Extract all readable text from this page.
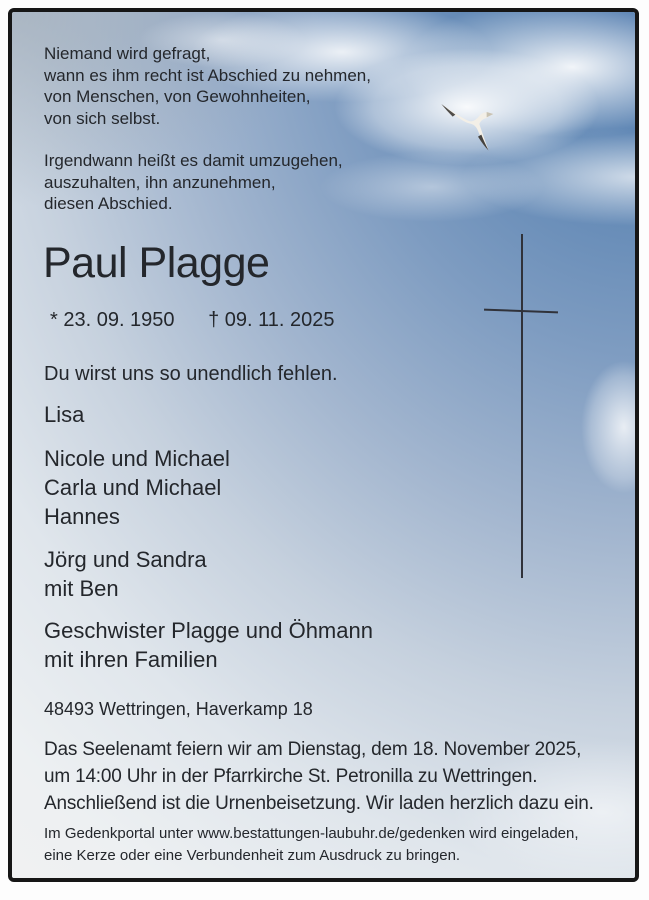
Niemand wird gefragt,
wann es ihm recht ist Abschied zu nehmen,
von Menschen, von Gewohnheiten,
von sich selbst.
Irgendwann heißt es damit umzugehen,
auszuhalten, ihn anzunehmen,
diesen Abschied.
Paul Plagge
* 23. 09. 1950 † 09. 11. 2025

Du wirst uns so unendlich fehlen.

Lisa
Nicole und Michael
Carla und Michael
Hannes
Jörg und Sandra
mit Ben
Geschwister Plagge und Öhmann
mit ihren Familien

48493 Wettringen, Haverkamp 18

Das Seelenamt feiern wir am Dienstag, dem 18. November 2025,
um 14:00 Uhr in der Pfarrkirche St. Petronilla zu Wettringen.
Anschließend ist die Urnenbeisetzung. Wir laden herzlich dazu ein.
Im Gedenkportal unter www.bestattungen-laubuhr.de/gedenken wird eingeladen,
eine Kerze oder eine Verbundenheit zum Ausdruck zu bringen.
